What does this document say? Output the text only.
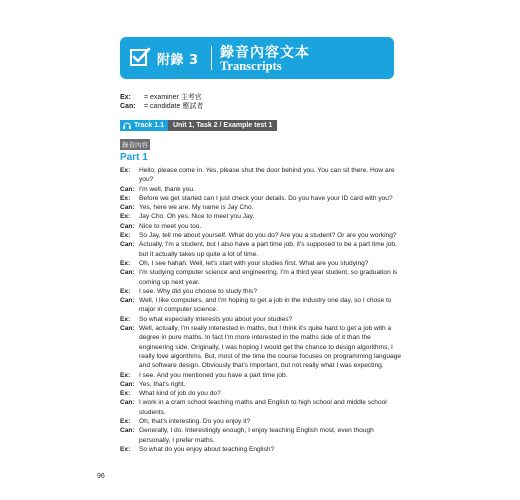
附錄 3 錄音內容文本
Transcripts
Ex: = examiner 主考官
Can: = candidate 應試者
Track 1.1	Unit 1, Task 2 / Example test 1
錄音內容
Part 1
Ex:	Hello, please come in. Yes, please shut the door behind you. You can sit there. How are you?
Can: I'm well, thank you.
Ex:	Before we get started can I just check your details. Do you have your ID card with you?
Can: Yes, here we are. My name is Jay Cho.
Ex:	Jay Cho. Oh yes. Nice to meet you Jay.
Can: Nice to meet you too.
Ex:	So Jay, tell me about yourself. What do you do? Are you a student? Or are you working?
Can: Actually, I'm a student, but I also have a part time job, it's supposed to be a part time job, but it actually takes up quite a lot of time.
Ex:	Oh, I see hahah. Well, let's start with your studies first. What are you studying?
Can: I'm studying computer science and engineering. I'm a third year student, so graduation is coming up next year.
Ex:	I see. Why did you choose to study this?
Can: Well, I like computers, and I'm hoping to get a job in the industry one day, so I chose to major in computer science.
Ex:	So what especially interests you about your studies?
Can: Well, actually, I'm really interested in maths, but I think it's quite hard to get a job with a degree in pure maths. In fact I'm more interested in the maths side of it than the engineering side. Originally, I was hoping I would get the chance to design algorithms, I really love algorithms. But, most of the time the course focuses on programming language and software design. Obviously that's important, but not really what I was expecting.
Ex:	I see. And you mentioned you have a part time job.
Can: Yes, that's right.
Ex:	What kind of job do you do?
Can: I work in a cram school teaching maths and English to high school and middle school students.
Ex:	Oh, that's interesting. Do you enjoy it?
Can: Generally, I do. Interestingly enough, I enjoy teaching English most, even though personally, I prefer maths.
Ex:	So what do you enjoy about teaching English?
96
